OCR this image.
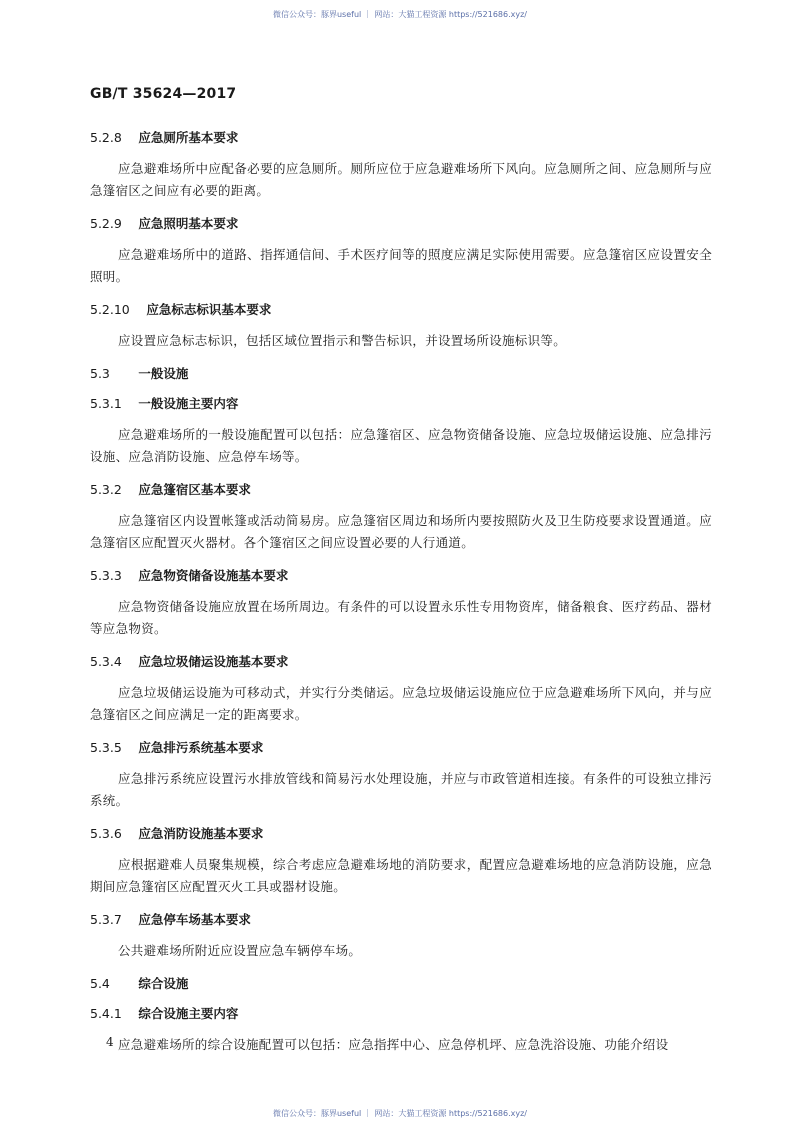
微信公众号：豚界useful ｜ 网站：大猫工程资源 https://521686.xyz/
GB/T 35624—2017
5.2.8 应急厕所基本要求

应急避难场所中应配备必要的应急厕所。厕所应位于应急避难场所下风向。应急厕所之间、应急厕所与应急篷宿区之间应有必要的距离。

5.2.9 应急照明基本要求

应急避难场所中的道路、指挥通信间、手术医疗间等的照度应满足实际使用需要。应急篷宿区应设置安全照明。

5.2.10 应急标志标识基本要求

应设置应急标志标识，包括区域位置指示和警告标识，并设置场所设施标识等。

5.3 一般设施
5.3.1 一般设施主要内容

应急避难场所的一般设施配置可以包括：应急篷宿区、应急物资储备设施、应急垃圾储运设施、应急排污设施、应急消防设施、应急停车场等。

5.3.2 应急篷宿区基本要求

应急篷宿区内设置帐篷或活动简易房。应急篷宿区周边和场所内要按照防火及卫生防疫要求设置通道。应急篷宿区应配置灭火器材。各个篷宿区之间应设置必要的人行通道。

5.3.3 应急物资储备设施基本要求

应急物资储备设施应放置在场所周边。有条件的可以设置永乐性专用物资库，储备粮食、医疗药品、器材等应急物资。

5.3.4 应急垃圾储运设施基本要求

应急垃圾储运设施为可移动式，并实行分类储运。应急垃圾储运设施应位于应急避难场所下风向，并与应急篷宿区之间应满足一定的距离要求。

5.3.5 应急排污系统基本要求

应急排污系统应设置污水排放管线和简易污水处理设施，并应与市政管道相连接。有条件的可设独立排污系统。

5.3.6 应急消防设施基本要求

应根据避难人员聚集规模，综合考虑应急避难场地的消防要求，配置应急避难场地的应急消防设施，应急期间应急篷宿区应配置灭火工具或器材设施。

5.3.7 应急停车场基本要求

公共避难场所附近应设置应急车辆停车场。

5.4 综合设施
5.4.1 综合设施主要内容

应急避难场所的综合设施配置可以包括：应急指挥中心、应急停机坪、应急洗浴设施、功能介绍设

4
微信公众号：豚界useful ｜ 网站：大猫工程资源 https://521686.xyz/
